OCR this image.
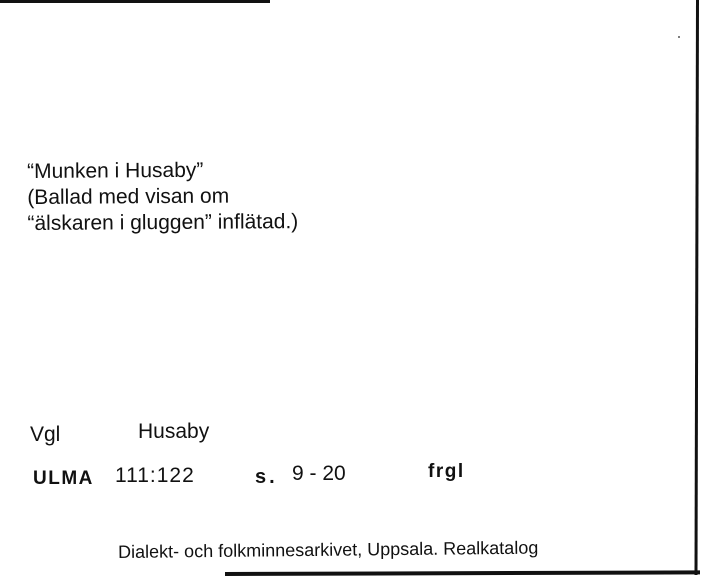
“Munken i Husaby”
(Ballad med visan om
“älskaren i gluggen” inflätad.)
Vgl	Husaby
ULMA 111:122	s. 9 - 20	frgl
Dialekt- och folkminnesarkivet, Uppsala. Realkatalog
